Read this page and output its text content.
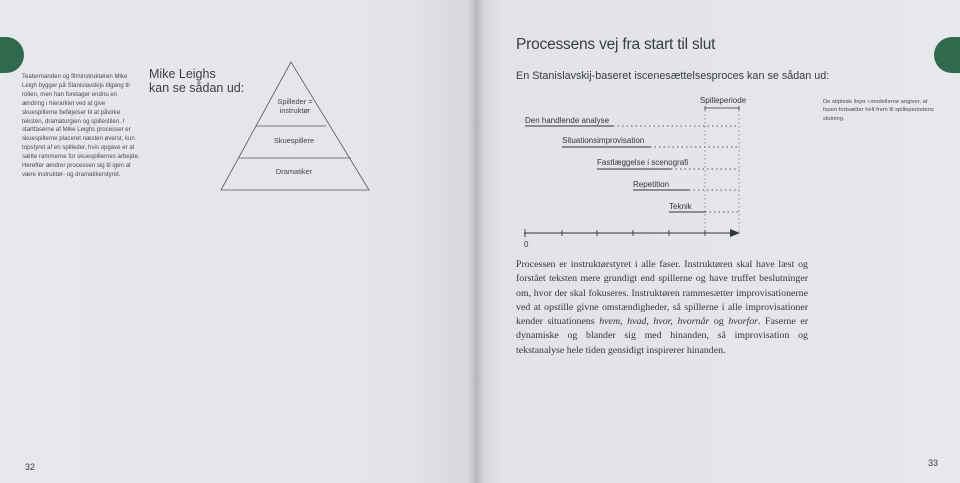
Teatermanden og filminstruktøren Mike Leigh bygger på Stanislavskijs tilgang til rollen, men han foretager endnu en ændring i hierarkiet ved at give skuespillerne beføjelser til at påvirke teksten, dramaturgien og spillestilen. I startfaserne af Mike Leighs processer er skuespillerne placeret næsten øverst, kun topstyret af en spilleder, hvis opgave er at sætte rammerne for skuespillernes arbejde. Herefter ændrer processen sig til igen at være instruktør- og dramatikerstyret.
Mike Leighs
kan se sådan ud:
Spilleder =
instruktør
Skuespillere
Dramatiker
32
Processens vej fra start til slut
En Stanislavskij-baseret iscenesættelsesproces kan se sådan ud:
De stiplede linjer i modellerne angiver, at fasen fortsætter helt frem til spilleperiodens slutning.
Spilleperiode
Den handlende analyse
Situationsimprovisation
Fastlæggelse i scenografi
Repetition
Teknik
0
Processen er instruktørstyret i alle faser. Instruktøren skal have læst og forstået teksten mere grundigt end spillerne og have truffet beslutninger om, hvor der skal fokuseres. Instruktøren rammesætter improvisationerne ved at opstille givne omstændigheder, så spillerne i alle improvisationer kender situationens hvem, hvad, hvor, hvornår og hvorfor. Faserne er dynamiske og blander sig med hinanden, så improvisation og tekstanalyse hele tiden gensidigt inspirerer hinanden.
33
